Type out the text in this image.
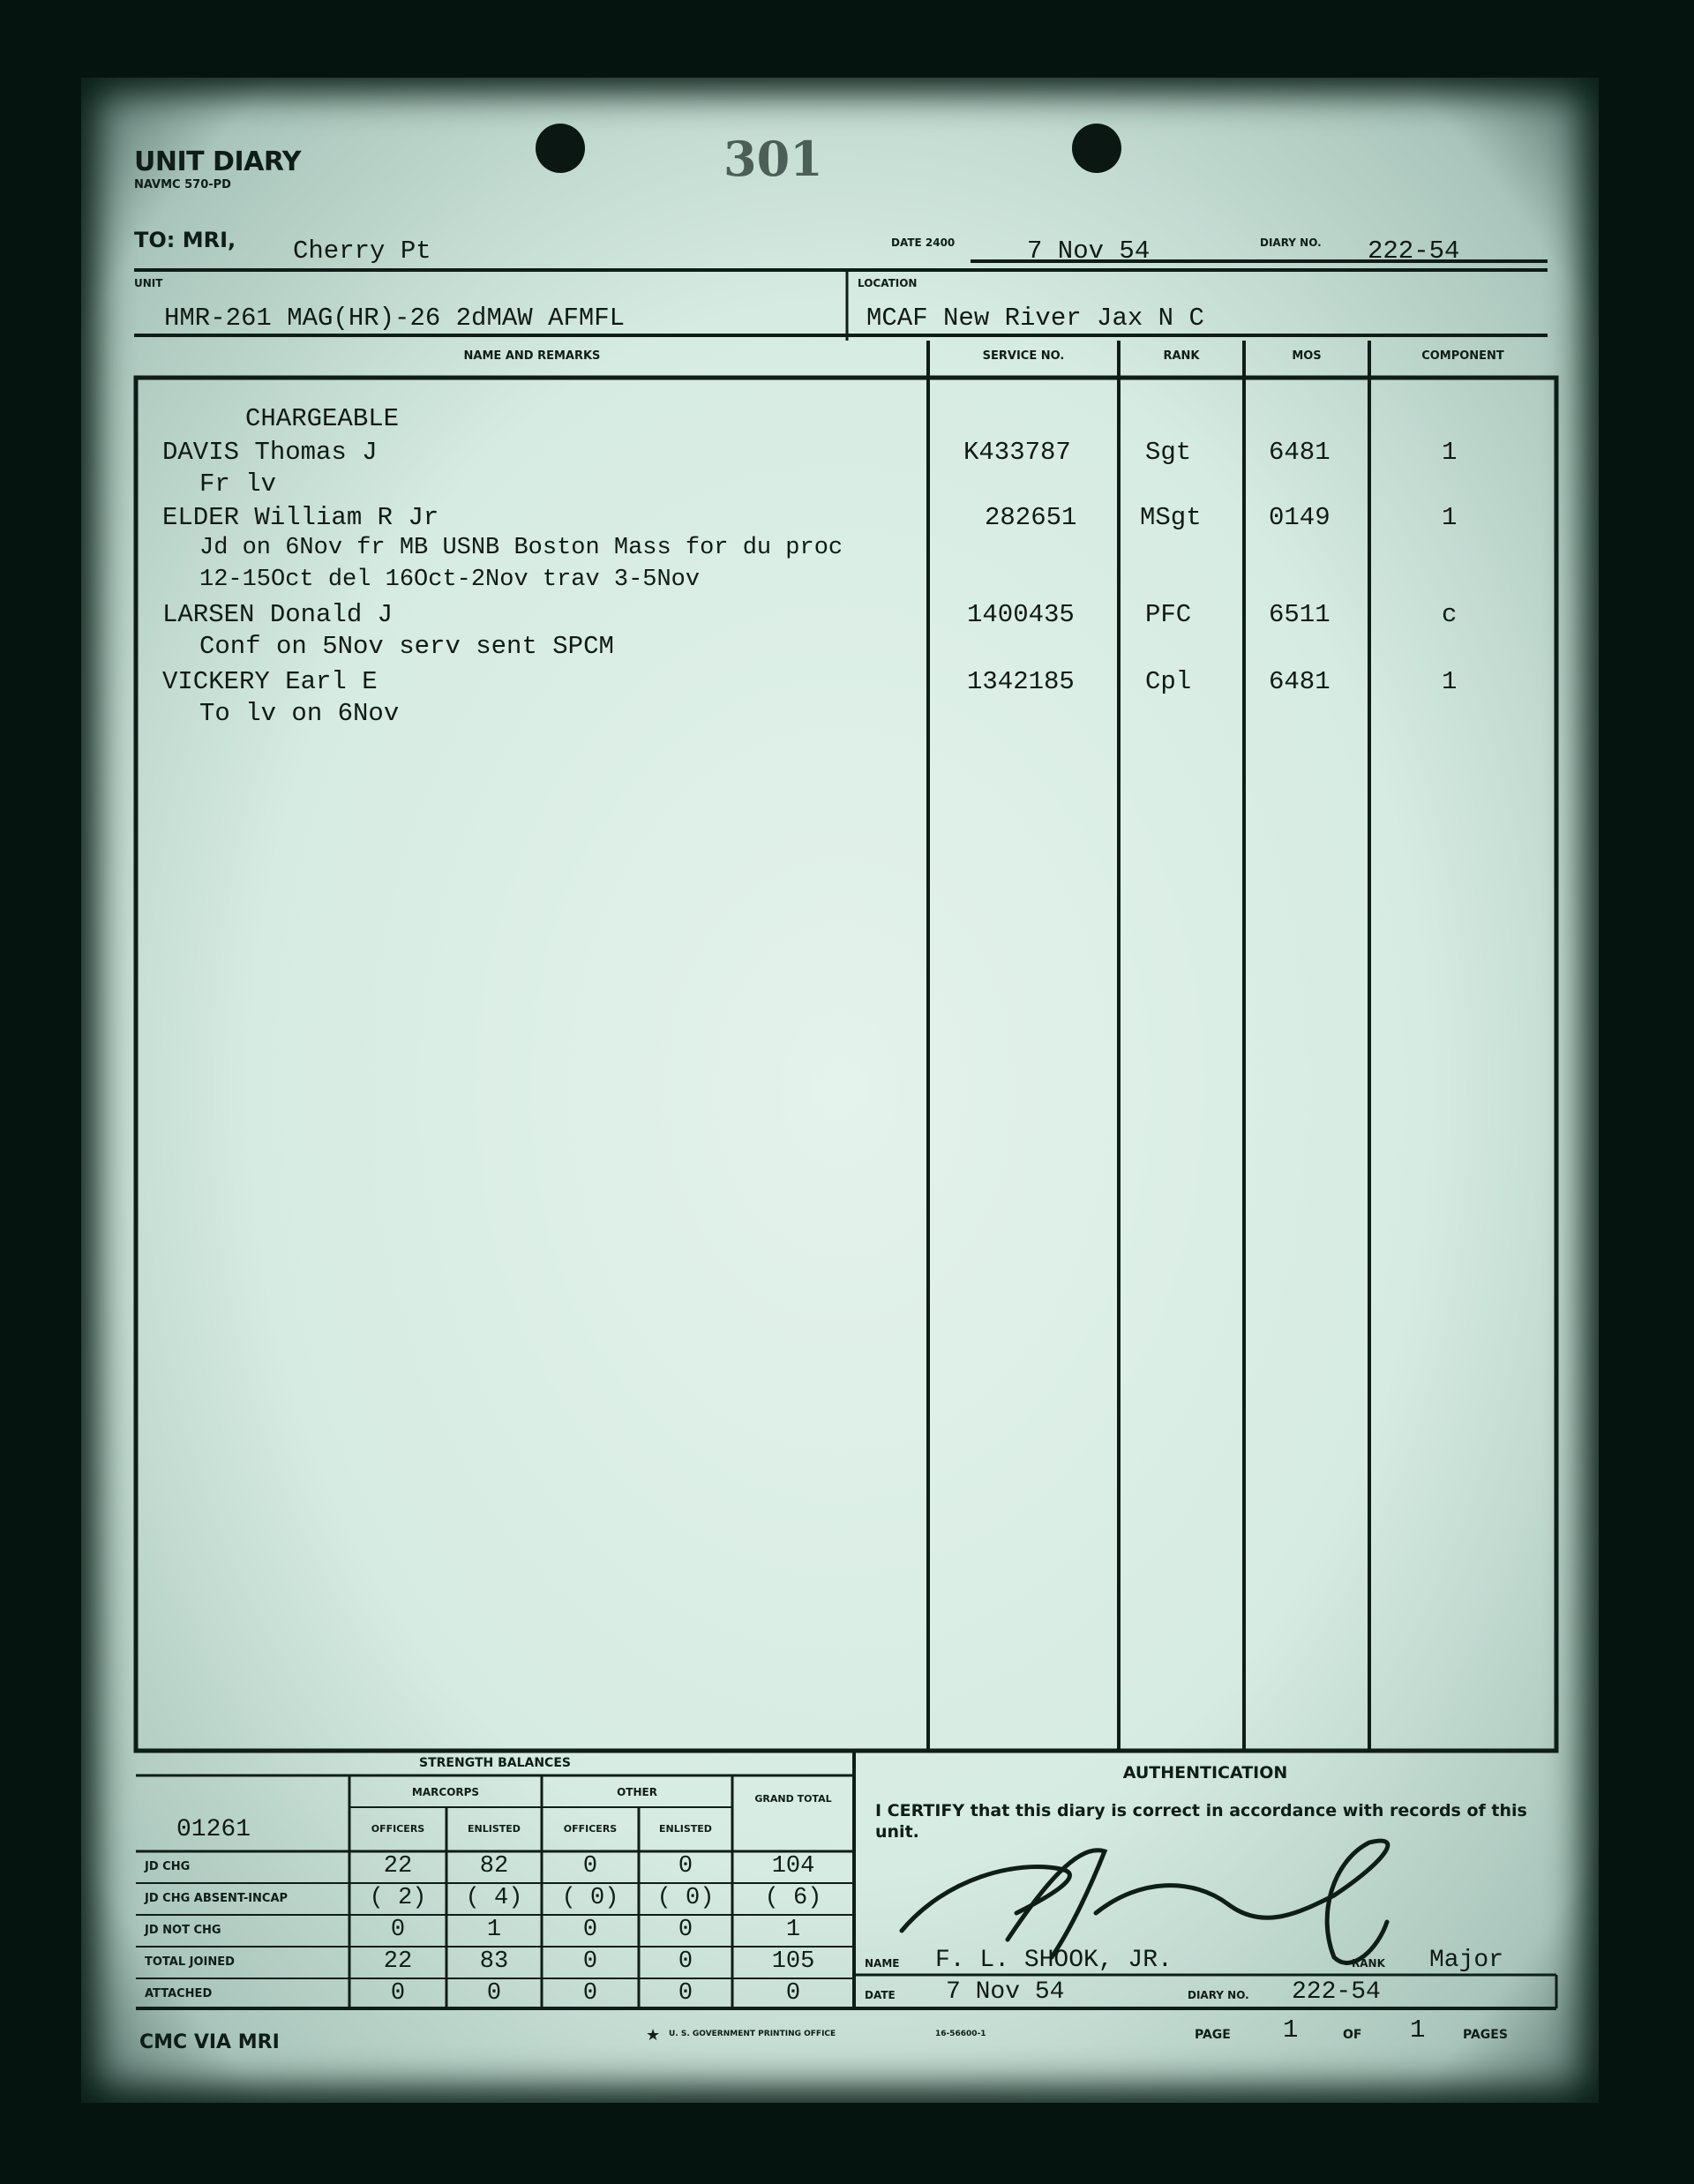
301
UNIT DIARY
NAVMC 570-PD
TO: MRI, Cherry Pt	DATE 2400	7 Nov 54	DIARY NO. 222-54
UNIT
HMR-261 MAG(HR)-26 2dMAW AFMFL
LOCATION
MCAF New River Jax N C
NAME AND REMARKS	SERVICE NO.	RANK	MOS	COMPONENT
CHARGEABLE
DAVIS Thomas J	K433787	Sgt	6481	1
Fr lv
ELDER William R Jr	282651 MSgt	0149	1
Jd on 6Nov fr MB USNB Boston Mass for du proc
12-15Oct del 16Oct-2Nov trav 3-5Nov
LARSEN Donald J	1400435	PFC	6511	c
Conf on 5Nov serv sent SPCM
VICKERY Earl E	1342185	Cpl	6481	1
To lv on 6Nov
STRENGTH BALANCES
MARCORPS	OTHER
GRAND TOTAL
OFFICERS	ENLISTED	OFFICERS	ENLISTED
01261
JD CHG	22	82	0	0	104
JD CHG ABSENT-INCAP	( 2)	( 4)	( 0)	( 0)	( 6)
JD NOT CHG	0	1	0	0	1
TOTAL JOINED	22	83	0	0	105
ATTACHED	0	0	0	0	0
AUTHENTICATION
I CERTIFY that this diary is correct in accordance with records of this unit.
NAME F. L. SHOOK, JR.	RANK Major
DATE 7 Nov 54	DIARY NO. 222-54
CMC VIA MRI	★ U. S. GOVERNMENT PRINTING OFFICE	16-56600-1	PAGE 1	OF 1	PAGES
